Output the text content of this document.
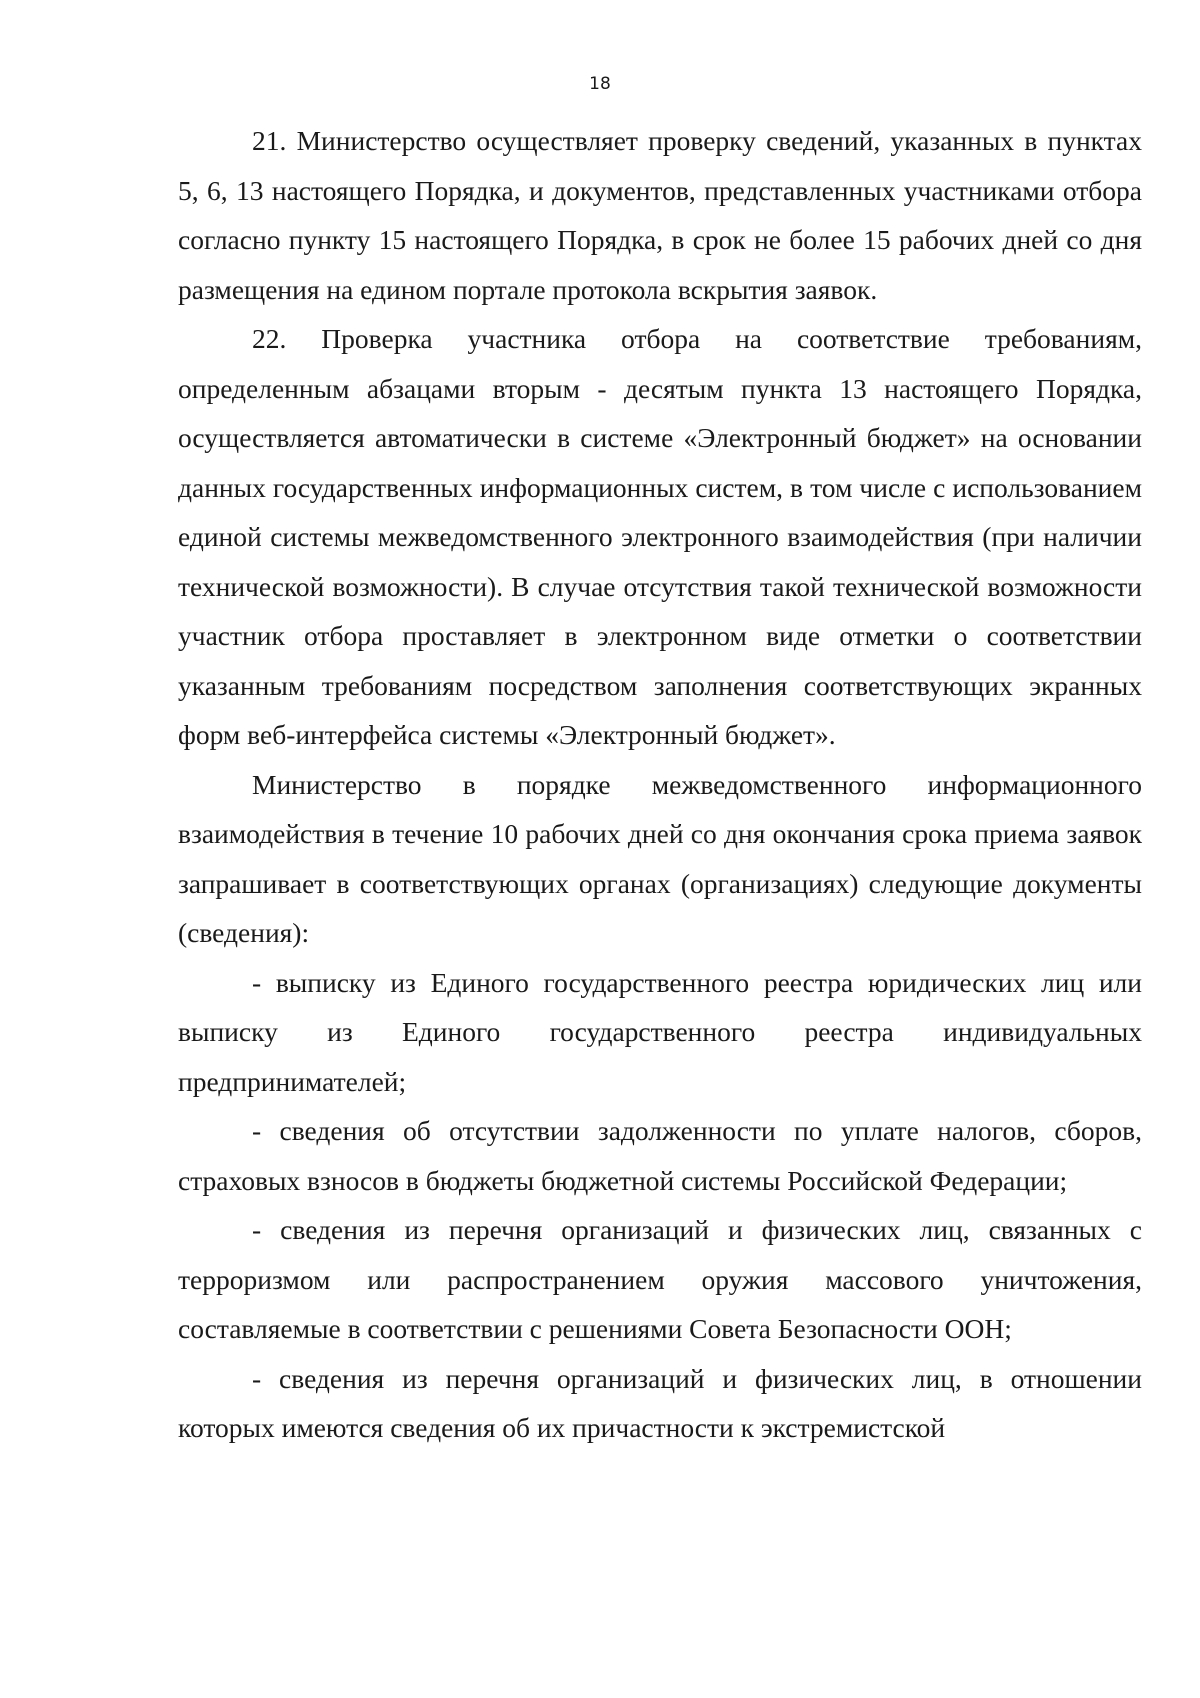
18

21. Министерство осуществляет проверку сведений, указанных в пунктах 5, 6, 13 настоящего Порядка, и документов, представленных участниками отбора согласно пункту 15 настоящего Порядка, в срок не более 15 рабочих дней со дня размещения на едином портале протокола вскрытия заявок.

22. Проверка участника отбора на соответствие требованиям, определенным абзацами вторым - десятым пункта 13 настоящего Порядка, осуществляется автоматически в системе «Электронный бюджет» на основании данных государственных информационных систем, в том числе с использованием единой системы межведомственного электронного взаимодействия (при наличии технической возможности). В случае отсутствия такой технической возможности участник отбора проставляет в электронном виде отметки о соответствии указанным требованиям посредством заполнения соответствующих экранных форм веб-интерфейса системы «Электронный бюджет».

Министерство в порядке межведомственного информационного взаимодействия в течение 10 рабочих дней со дня окончания срока приема заявок запрашивает в соответствующих органах (организациях) следующие документы (сведения):

- выписку из Единого государственного реестра юридических лиц или выписку из Единого государственного реестра индивидуальных предпринимателей;

- сведения об отсутствии задолженности по уплате налогов, сборов, страховых взносов в бюджеты бюджетной системы Российской Федерации;

- сведения из перечня организаций и физических лиц, связанных с терроризмом или распространением оружия массового уничтожения, составляемые в соответствии с решениями Совета Безопасности ООН;

- сведения из перечня организаций и физических лиц, в отношении которых имеются сведения об их причастности к экстремистской
